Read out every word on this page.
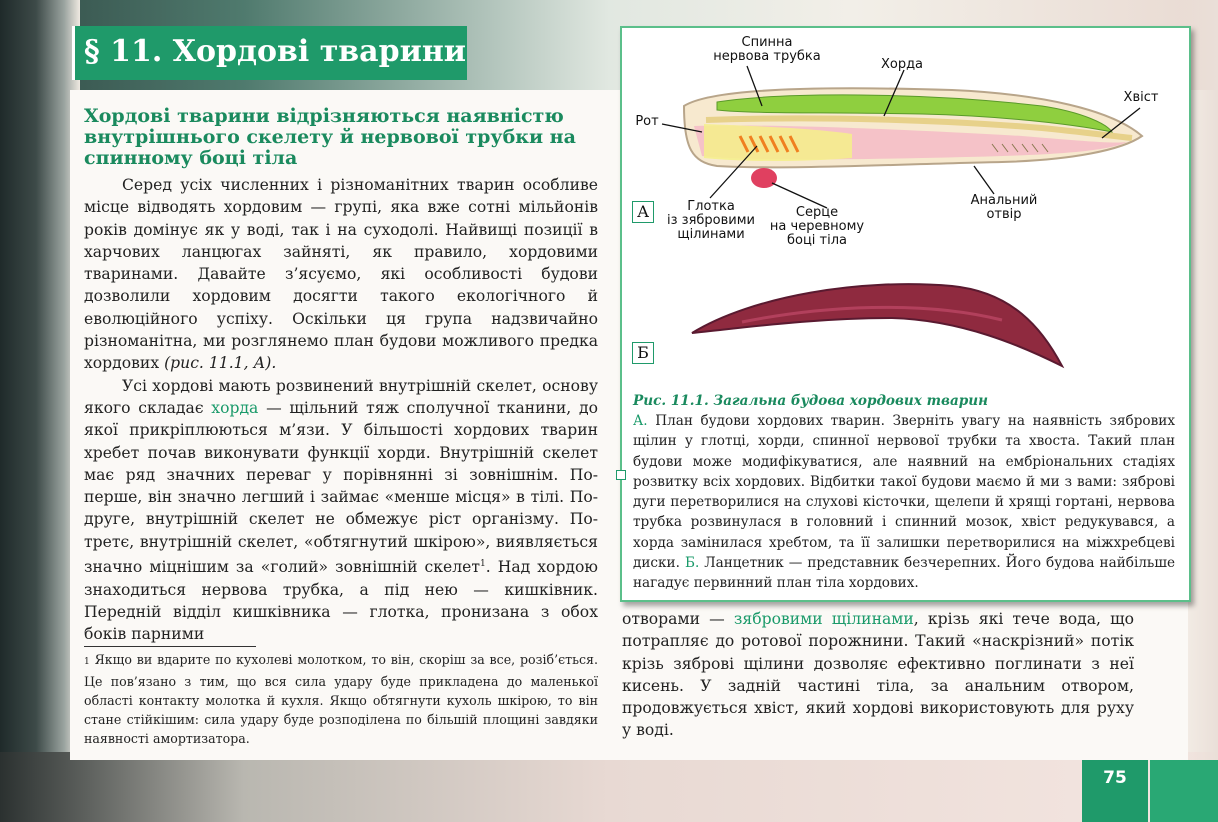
§ 11. Хордові тварини
Хордові тварини відрізняються наявністю внутрішнього скелету й нервової трубки на спинному боці тіла

Серед усіх численних і різноманітних тварин особливе місце відводять хордовим — групі, яка вже сотні мільйонів років домінує як у воді, так і на суходолі. Найвищі позиції в харчових ланцюгах зайняті, як правило, хордовими тваринами. Давайте з’ясуємо, які особливості будови дозволили хордовим досягти такого екологічного й еволюційного успіху. Оскільки ця група надзвичайно різноманітна, ми розглянемо план будови можливого предка хордових (рис. 11.1, А).

Усі хордові мають розвинений внутрішній скелет, основу якого складає хорда — щільний тяж сполучної тканини, до якої прикріплюються м’язи. У більшості хордових тварин хребет почав виконувати функції хорди. Внутрішній скелет має ряд значних переваг у порівнянні зі зовнішнім. По-перше, він значно легший і займає «менше місця» в тілі. По-друге, внутрішній скелет не обмежує ріст організму. По-третє, внутрішній скелет, «обтягнутий шкірою», виявляється значно міцнішим за «голий» зовнішній скелет$^1$. Над хордою знаходиться нервова трубка, а під нею — кишківник. Передній відділ кишківника — глотка, пронизана з обох боків парними

1 Якщо ви вдарите по кухолеві молотком, то він, скоріш за все, розіб’ється. Це пов’язано з тим, що вся сила удару буде прикладена до маленької області контакту молотка й кухля. Якщо обтягнути кухоль шкірою, то він стане стійкішим: сила удару буде розподілена по більшій площині завдяки наявності амортизатора.
Спинна
нервова трубка
Хорда
Хвіст
Рот
Глотка
із зябровими
щілинами
Серце
на черевному
боці тіла
Анальний
отвір
А
Б
Рис. 11.1. Загальна будова хордових тварин
А. План будови хордових тварин. Зверніть увагу на наявність зябрових щілин у глотці, хорди, спинної нервової трубки та хвоста. Такий план будови може модифікуватися, але наявний на ембріональних стадіях розвитку всіх хордових. Відбитки такої будови маємо й ми з вами: зяброві дуги перетворилися на слухові кісточки, щелепи й хрящі гортані, нервова трубка розвинулася в головний і спинний мозок, хвіст редукувався, а хорда замінилася хребтом, та її залишки перетворилися на міжхребцеві диски. Б. Ланцетник — представник безчерепних. Його будова найбільше нагадує первинний план тіла хордових.
отворами — зябровими щілинами, крізь які тече вода, що потрапляє до ротової порожнини. Такий «наскрізний» потік крізь зяброві щілини дозволяє ефективно поглинати з неї кисень. У задній частині тіла, за анальним отвором, продовжується хвіст, який хордові використовують для руху у воді.
75
